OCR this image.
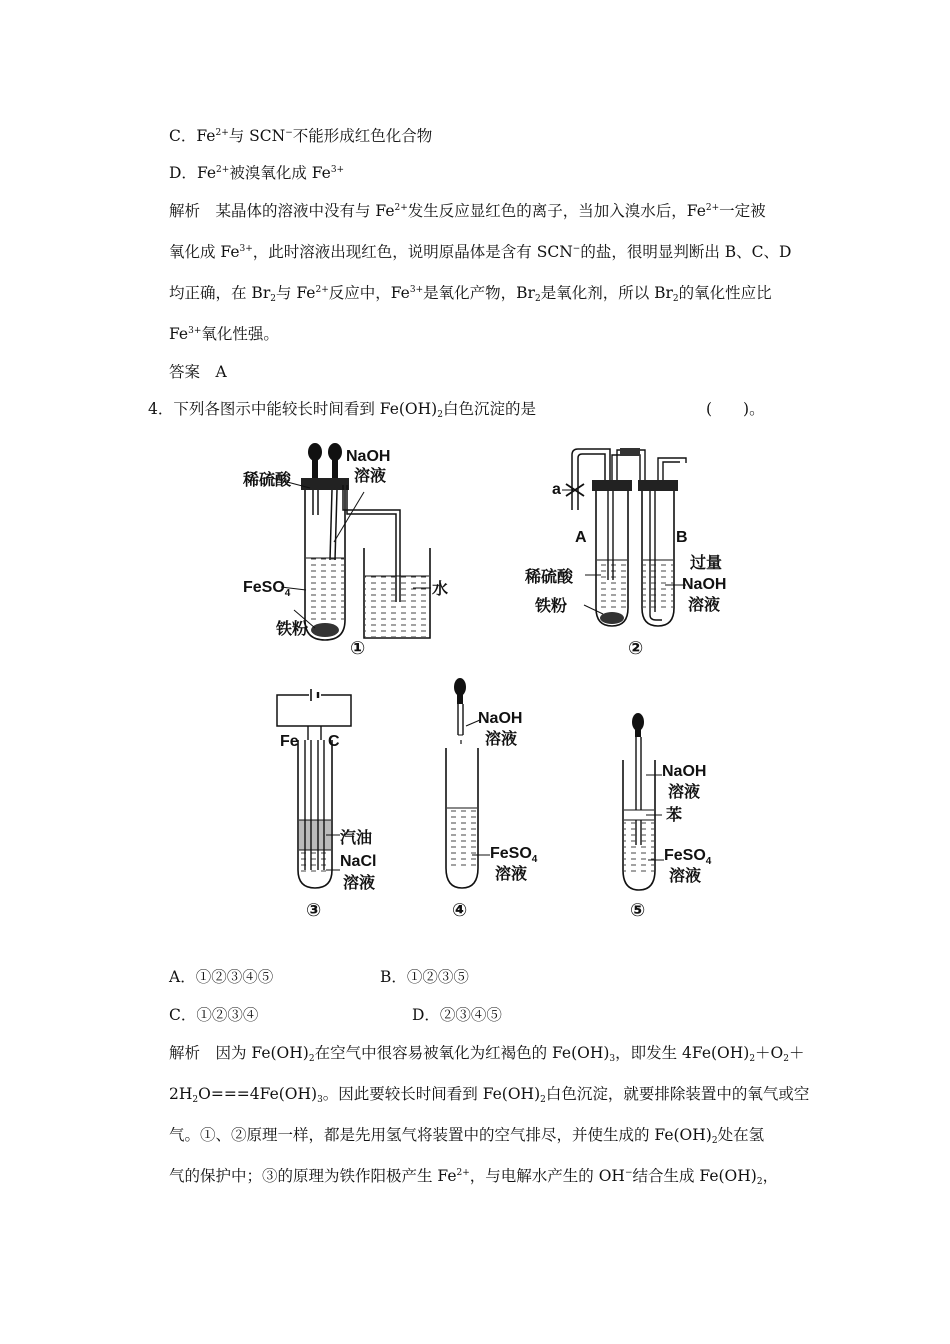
C．$Fe^{2+}$与 SCN−不能形成红色化合物
D．$Fe^{2+}$被溴氧化成 $Fe^{3+}$
解析　某晶体的溶液中没有与 $Fe^{2+}$发生反应显红色的离子，当加入溴水后，$Fe^{2+}$一定被
氧化成 $Fe^{3+}$，此时溶液出现红色，说明原晶体是含有 SCN−的盐，很明显判断出 B、C、D
均正确，在 $Br_2$与 $Fe^{2+}$反应中，$Fe^{3+}$是氧化产物，$Br_2$是氧化剂，所以 $Br_2$的氧化性应比
$Fe^{3+}$氧化性强。
答案　A
4．下列各图示中能较长时间看到 $Fe(OH)_2$白色沉淀的是	(　　)。
稀硫酸
NaOH
溶液
FeSO$_4$	水
铁粉
①
a
A	B
过量
NaOH
溶液
稀硫酸
铁粉
②
Fe C
汽油
NaCl
溶液
③
NaOH
溶液
FeSO$_4$
溶液
④
NaOH
溶液
苯
FeSO$_4$
溶液
⑤
A．①②③④⑤	B．①②③⑤
C．①②③④	D．②③④⑤
解析　因为 $Fe(OH)_2$在空气中很容易被氧化为红褐色的 $Fe(OH)_3$，即发生 $4Fe(OH)_2+O_2+$
$2H_2O===4Fe(OH)_3$。因此要较长时间看到 $Fe(OH)_2$白色沉淀，就要排除装置中的氧气或空
气。①、②原理一样，都是先用氢气将装置中的空气排尽，并使生成的 $Fe(OH)_2$处在氢
气的保护中；③的原理为铁作阳极产生 $Fe^{2+}$，与电解水产生的 OH−结合生成 $Fe(OH)_2$，
